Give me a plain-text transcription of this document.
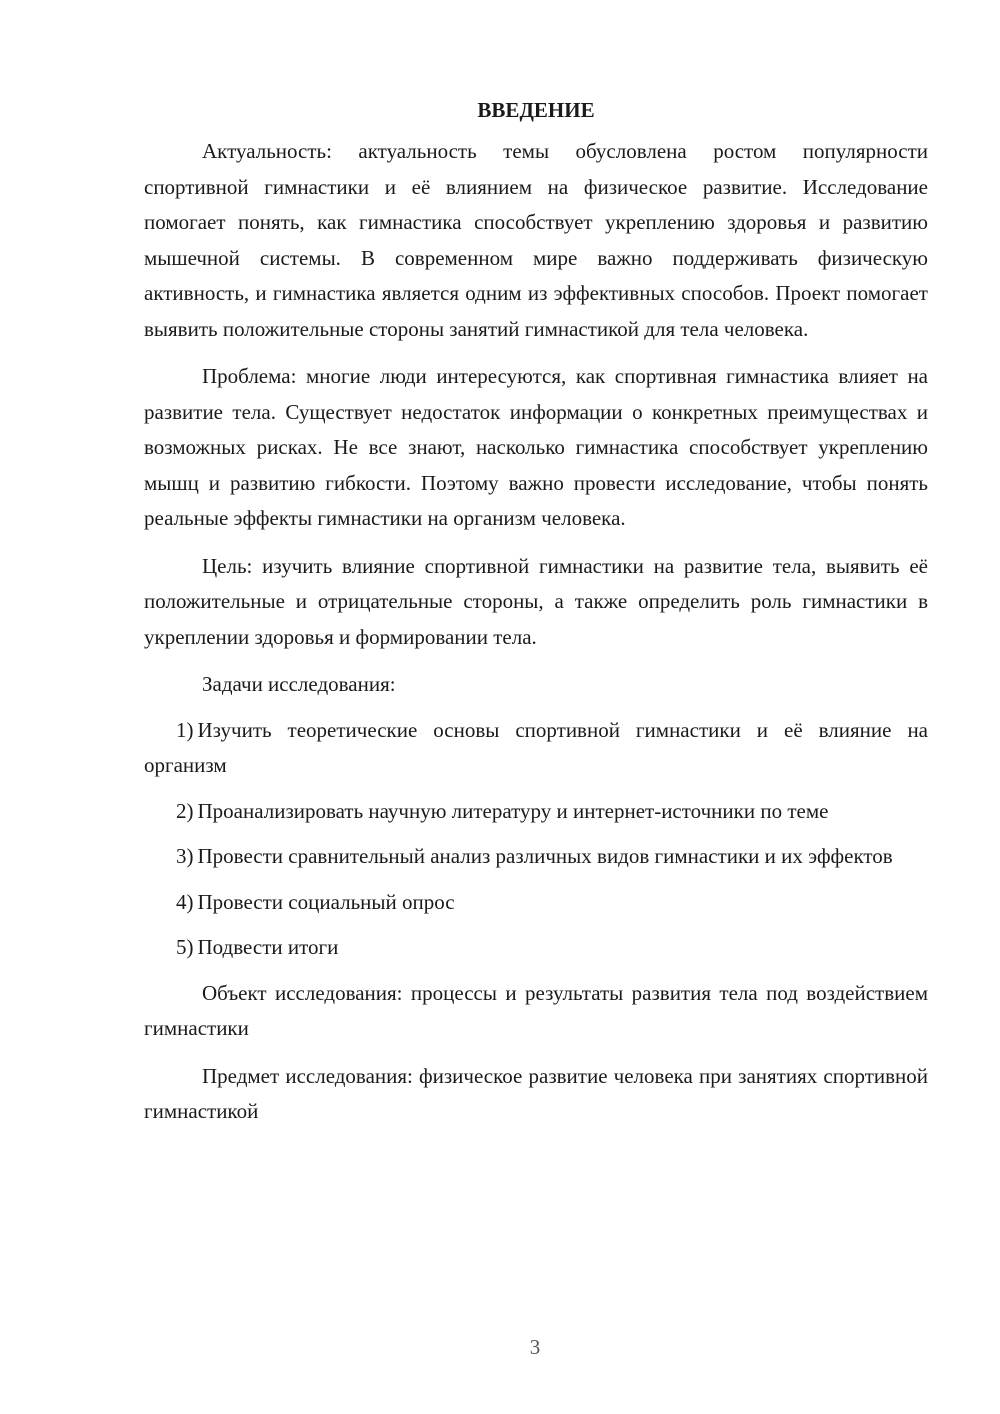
ВВЕДЕНИЕ

Актуальность: актуальность темы обусловлена ростом популярности спортивной гимнастики и её влиянием на физическое развитие. Исследование помогает понять, как гимнастика способствует укреплению здоровья и развитию мышечной системы. В современном мире важно поддерживать физическую активность, и гимнастика является одним из эффективных способов. Проект помогает выявить положительные стороны занятий гимнастикой для тела человека.

Проблема: многие люди интересуются, как спортивная гимнастика влияет на развитие тела. Существует недостаток информации о конкретных преимуществах и возможных рисках. Не все знают, насколько гимнастика способствует укреплению мышц и развитию гибкости. Поэтому важно провести исследование, чтобы понять реальные эффекты гимнастики на организм человека.

Цель: изучить влияние спортивной гимнастики на развитие тела, выявить её положительные и отрицательные стороны, а также определить роль гимнастики в укреплении здоровья и формировании тела.

Задачи исследования:

1) Изучить теоретические основы спортивной гимнастики и её влияние на организм

2) Проанализировать научную литературу и интернет-источники по теме

3) Провести сравнительный анализ различных видов гимнастики и их эффектов

4) Провести социальный опрос

5) Подвести итоги

Объект исследования: процессы и результаты развития тела под воздействием гимнастики

Предмет исследования: физическое развитие человека при занятиях спортивной гимнастикой

3
